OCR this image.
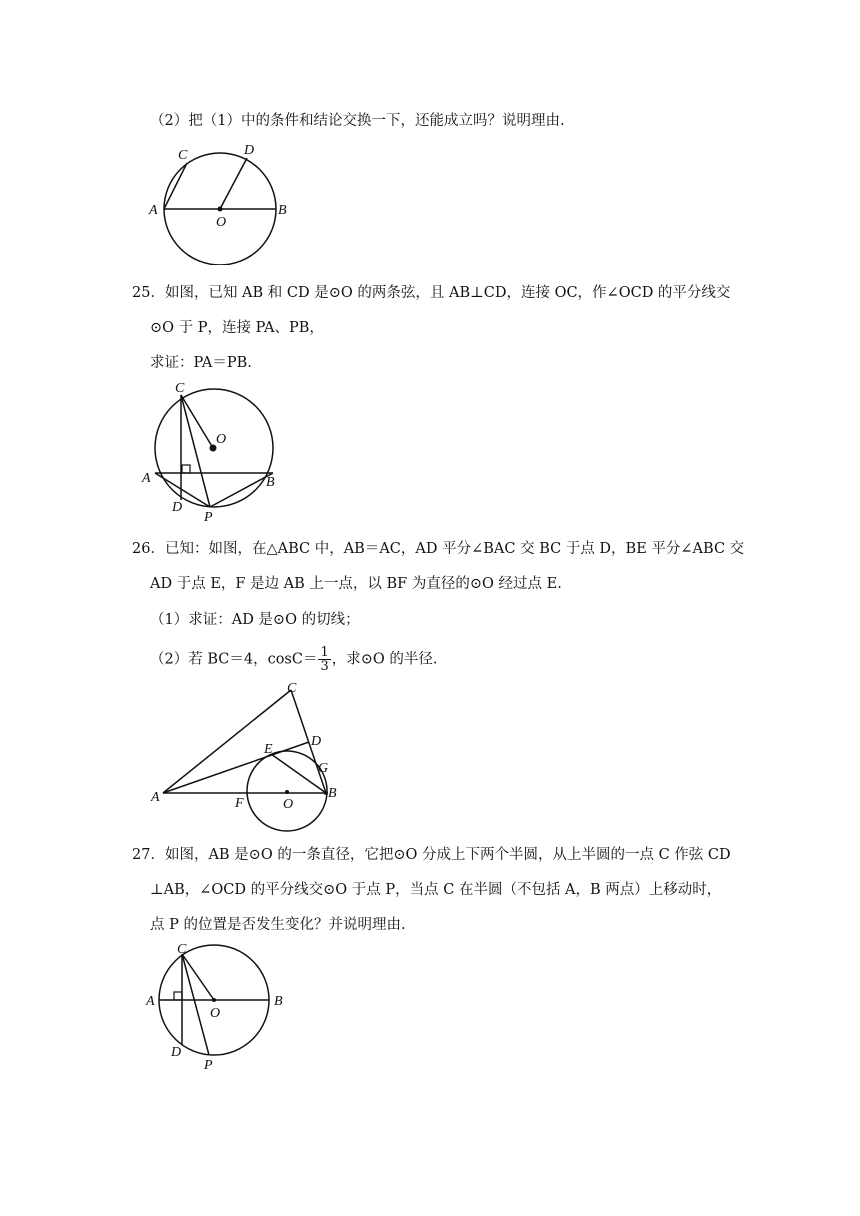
（2）把（1）中的条件和结论交换一下，还能成立吗？说明理由.
A	B
C	D
O
25．如图，已知 AB 和 CD 是⊙O 的两条弦，且 AB⊥CD，连接 OC，作∠OCD 的平分线交
⊙O 于 P，连接 PA、PB，
求证：PA＝PB.
C
O
A	B
D
P
26．已知：如图，在△ABC 中，AB＝AC，AD 平分∠BAC 交 BC 于点 D，BE 平分∠ABC 交
AD 于点 E，F 是边 AB 上一点，以 BF 为直径的⊙O 经过点 E.
（1）求证：AD 是⊙O 的切线；
（2）若 BC＝4，$\cos C= \frac{1}{3}$ ，求⊙O 的半径.
C
D
E
G
A	F	O
B
27．如图，AB 是⊙O 的一条直径，它把⊙O 分成上下两个半圆，从上半圆的一点 C 作弦 CD
⊥AB，∠OCD 的平分线交⊙O 于点 P，当点 C 在半圆（不包括 A，B 两点）上移动时，
点 P 的位置是否发生变化？并说明理由.
C
A	B
O
D
P
